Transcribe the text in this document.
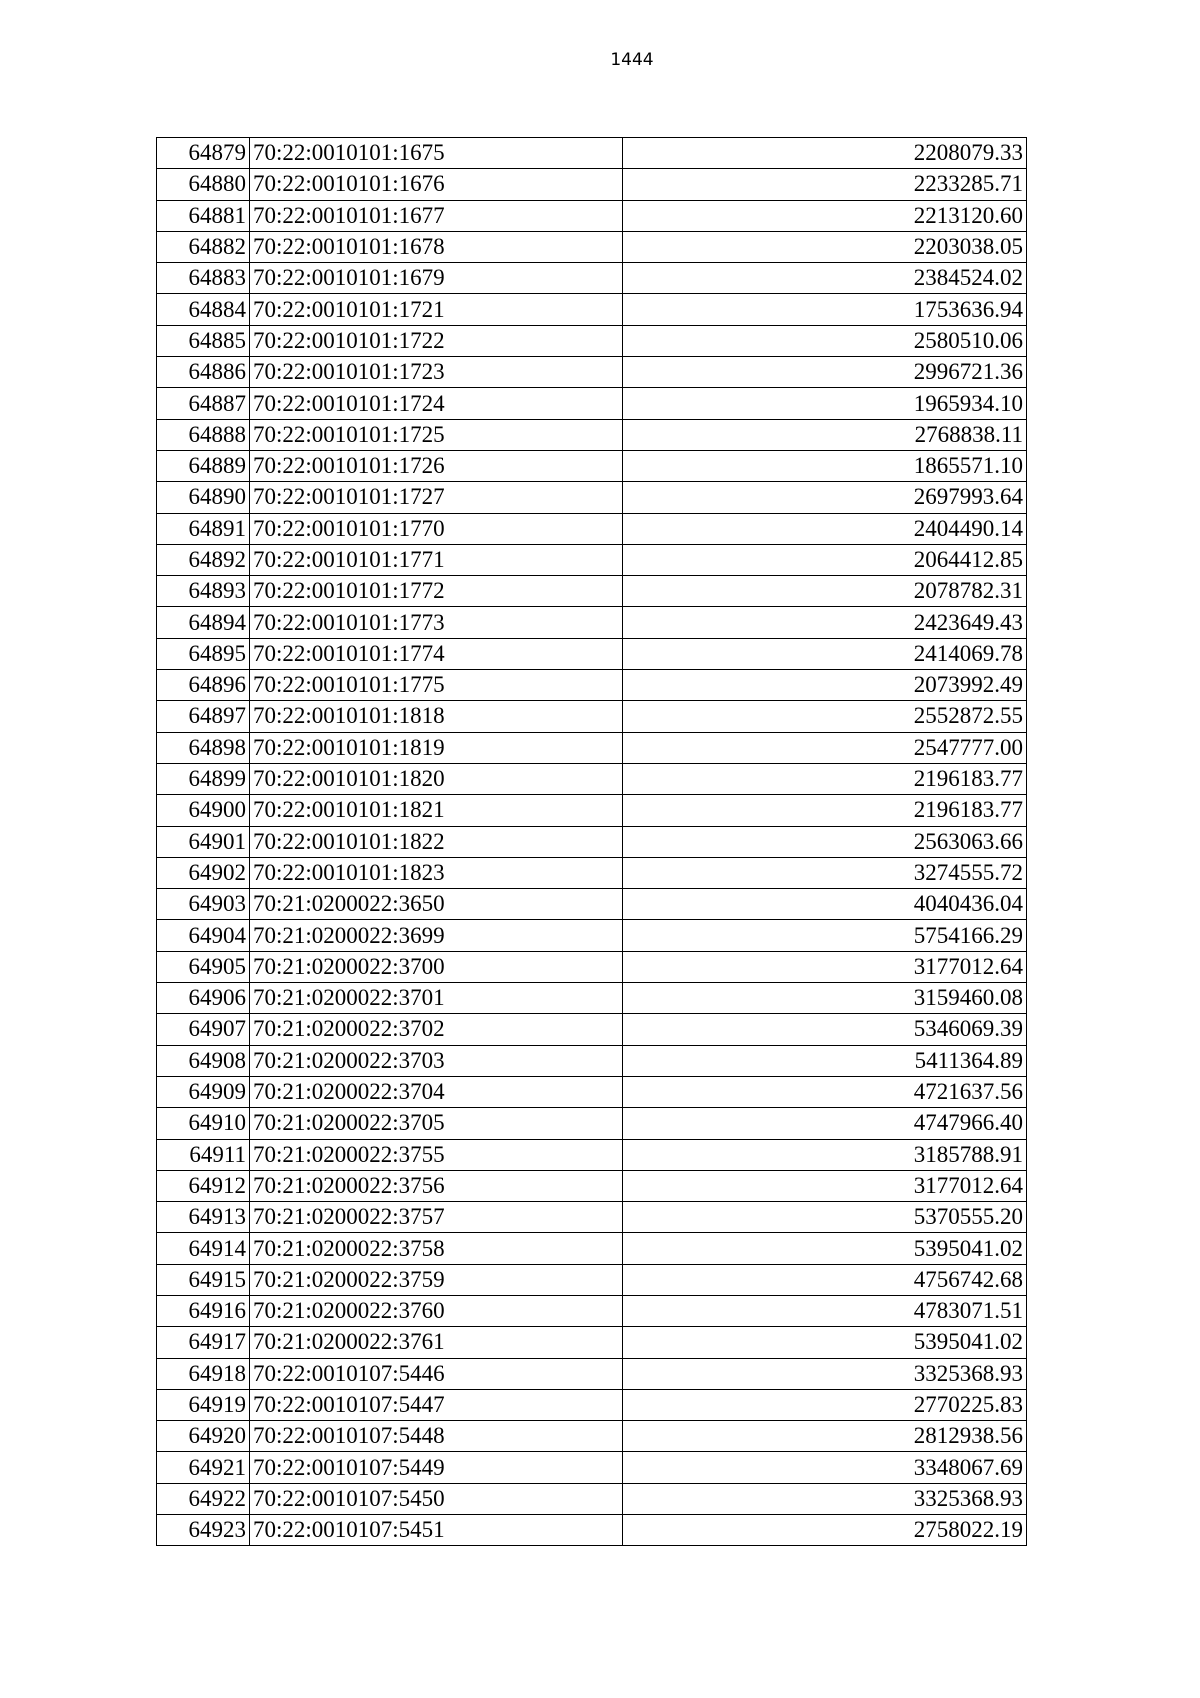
1444
64879	70:22:0010101:1675	2208079.33
64880	70:22:0010101:1676	2233285.71
64881	70:22:0010101:1677	2213120.60
64882	70:22:0010101:1678	2203038.05
64883	70:22:0010101:1679	2384524.02
64884	70:22:0010101:1721	1753636.94
64885	70:22:0010101:1722	2580510.06
64886	70:22:0010101:1723	2996721.36
64887	70:22:0010101:1724	1965934.10
64888	70:22:0010101:1725	2768838.11
64889	70:22:0010101:1726	1865571.10
64890	70:22:0010101:1727	2697993.64
64891	70:22:0010101:1770	2404490.14
64892	70:22:0010101:1771	2064412.85
64893	70:22:0010101:1772	2078782.31
64894	70:22:0010101:1773	2423649.43
64895	70:22:0010101:1774	2414069.78
64896	70:22:0010101:1775	2073992.49
64897	70:22:0010101:1818	2552872.55
64898	70:22:0010101:1819	2547777.00
64899	70:22:0010101:1820	2196183.77
64900	70:22:0010101:1821	2196183.77
64901	70:22:0010101:1822	2563063.66
64902	70:22:0010101:1823	3274555.72
64903	70:21:0200022:3650	4040436.04
64904	70:21:0200022:3699	5754166.29
64905	70:21:0200022:3700	3177012.64
64906	70:21:0200022:3701	3159460.08
64907	70:21:0200022:3702	5346069.39
64908	70:21:0200022:3703	5411364.89
64909	70:21:0200022:3704	4721637.56
64910	70:21:0200022:3705	4747966.40
64911	70:21:0200022:3755	3185788.91
64912	70:21:0200022:3756	3177012.64
64913	70:21:0200022:3757	5370555.20
64914	70:21:0200022:3758	5395041.02
64915	70:21:0200022:3759	4756742.68
64916	70:21:0200022:3760	4783071.51
64917	70:21:0200022:3761	5395041.02
64918	70:22:0010107:5446	3325368.93
64919	70:22:0010107:5447	2770225.83
64920	70:22:0010107:5448	2812938.56
64921	70:22:0010107:5449	3348067.69
64922	70:22:0010107:5450	3325368.93
64923	70:22:0010107:5451	2758022.19
